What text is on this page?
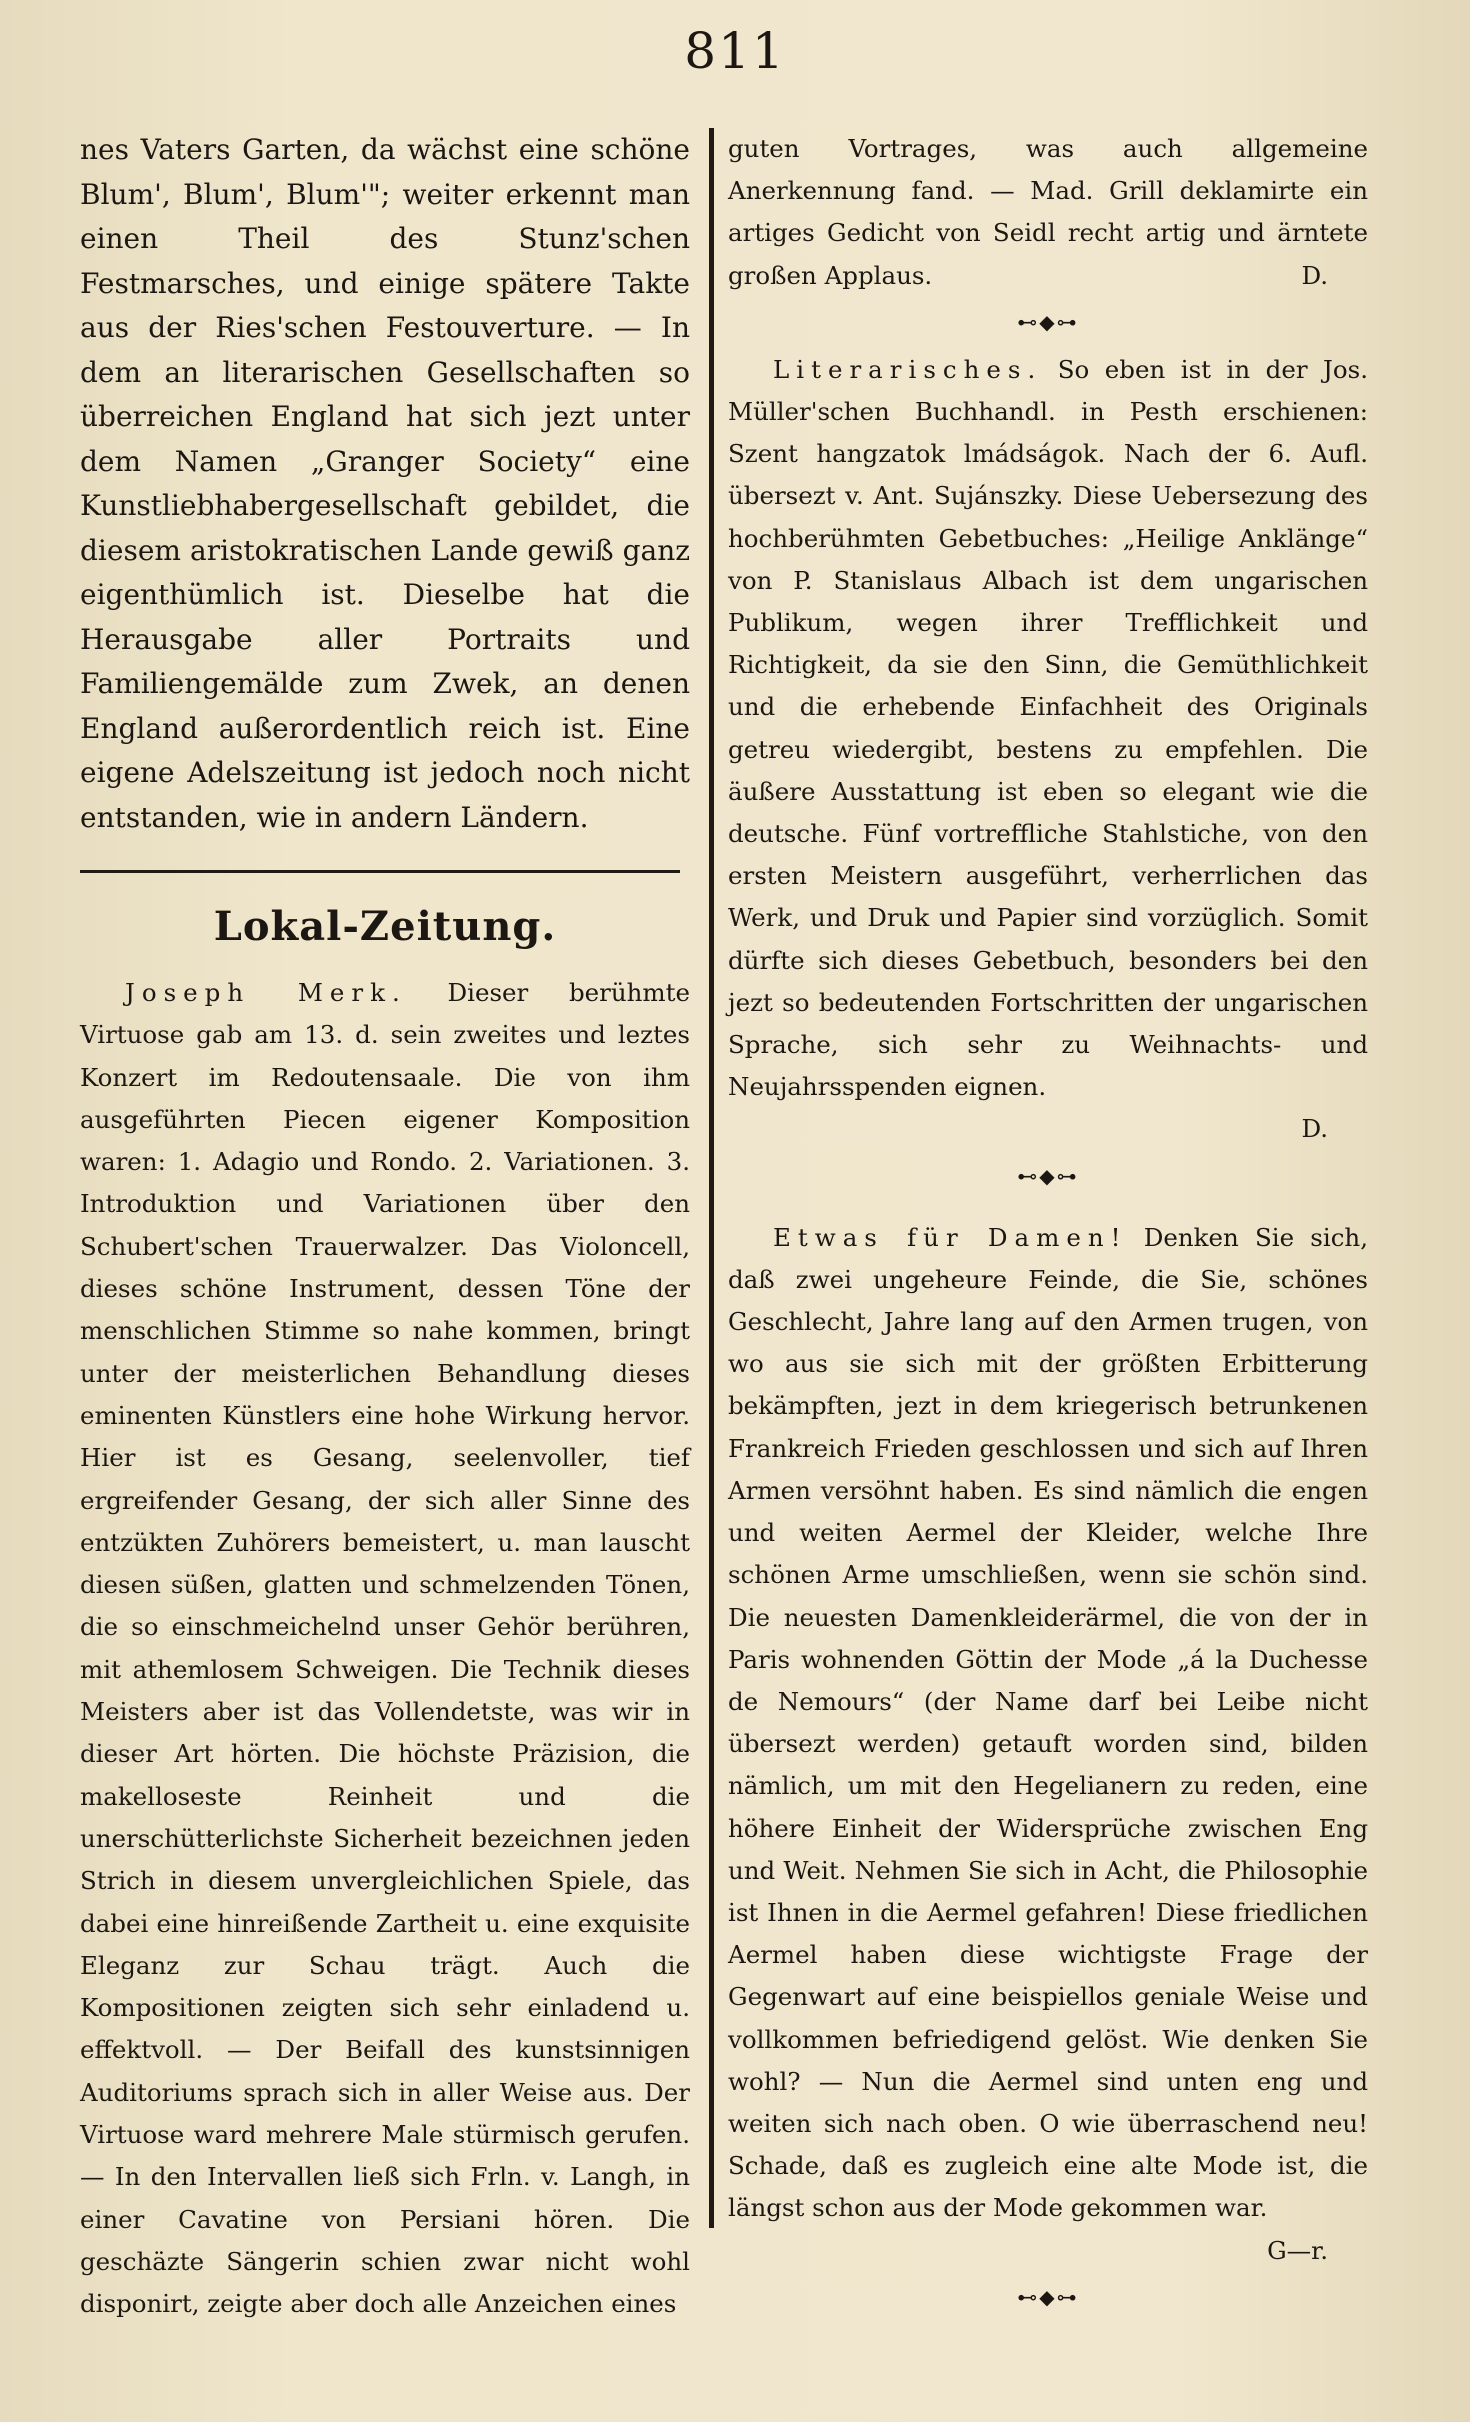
811

nes Vaters Garten, da wächst eine schöne Blum', Blum', Blum'"; weiter erkennt man einen Theil des Stunz'schen Festmarsches, und einige spätere Takte aus der Ries'schen Festouverture. — In dem an literarischen Gesellschaften so überreichen England hat sich jezt unter dem Namen „Granger Society“ eine Kunstliebhabergesellschaft gebildet, die diesem aristokratischen Lande gewiß ganz eigenthümlich ist. Dieselbe hat die Herausgabe aller Portraits und Familiengemälde zum Zwek, an denen England außerordentlich reich ist. Eine eigene Adelszeitung ist jedoch noch nicht entstanden, wie in andern Ländern.

Lokal-Zeitung.

Joseph Merk. Dieser berühmte Virtuose gab am 13. d. sein zweites und leztes Konzert im Redoutensaale. Die von ihm ausgeführten Piecen eigener Komposition waren: 1. Adagio und Rondo. 2. Variationen. 3. Introduktion und Variationen über den Schubert'schen Trauerwalzer. Das Violoncell, dieses schöne Instrument, dessen Töne der menschlichen Stimme so nahe kommen, bringt unter der meisterlichen Behandlung dieses eminenten Künstlers eine hohe Wirkung hervor. Hier ist es Gesang, seelenvoller, tief ergreifender Gesang, der sich aller Sinne des entzükten Zuhörers bemeistert, u. man lauscht diesen süßen, glatten und schmelzenden Tönen, die so einschmeichelnd unser Gehör berühren, mit athemlosem Schweigen. Die Technik dieses Meisters aber ist das Vollendetste, was wir in dieser Art hörten. Die höchste Präzision, die makelloseste Reinheit und die unerschütterlichste Sicherheit bezeichnen jeden Strich in diesem unvergleichlichen Spiele, das dabei eine hinreißende Zartheit u. eine exquisite Eleganz zur Schau trägt. Auch die Kompositionen zeigten sich sehr einladend u. effektvoll. — Der Beifall des kunstsinnigen Auditoriums sprach sich in aller Weise aus. Der Virtuose ward mehrere Male stürmisch gerufen. — In den Intervallen ließ sich Frln. v. Langh, in einer Cavatine von Persiani hören. Die geschäzte Sängerin schien zwar nicht wohl disponirt, zeigte aber doch alle Anzeichen eines

guten Vortrages, was auch allgemeine Anerkennung fand. — Mad. Grill deklamirte ein artiges Gedicht von Seidl recht artig und ärntete großen Applaus.	D.

⊷◆⊶

Literarisches. So eben ist in der Jos. Müller'schen Buchhandl. in Pesth erschienen: Szent hangzatok lmádságok. Nach der 6. Aufl. übersezt v. Ant. Sujánszky. Diese Uebersezung des hochberühmten Gebetbuches: „Heilige Anklänge“ von P. Stanislaus Albach ist dem ungarischen Publikum, wegen ihrer Trefflichkeit und Richtigkeit, da sie den Sinn, die Gemüthlichkeit und die erhebende Einfachheit des Originals getreu wiedergibt, bestens zu empfehlen. Die äußere Ausstattung ist eben so elegant wie die deutsche. Fünf vortreffliche Stahlstiche, von den ersten Meistern ausgeführt, verherrlichen das Werk, und Druk und Papier sind vorzüglich. Somit dürfte sich dieses Gebetbuch, besonders bei den jezt so bedeutenden Fortschritten der ungarischen Sprache, sich sehr zu Weihnachts- und Neujahrsspenden eignen.

D.

⊷◆⊶

Etwas für Damen! Denken Sie sich, daß zwei ungeheure Feinde, die Sie, schönes Geschlecht, Jahre lang auf den Armen trugen, von wo aus sie sich mit der größten Erbitterung bekämpften, jezt in dem kriegerisch betrunkenen Frankreich Frieden geschlossen und sich auf Ihren Armen versöhnt haben. Es sind nämlich die engen und weiten Aermel der Kleider, welche Ihre schönen Arme umschließen, wenn sie schön sind. Die neuesten Damenkleiderärmel, die von der in Paris wohnenden Göttin der Mode „á la Duchesse de Nemours“ (der Name darf bei Leibe nicht übersezt werden) getauft worden sind, bilden nämlich, um mit den Hegelianern zu reden, eine höhere Einheit der Widersprüche zwischen Eng und Weit. Nehmen Sie sich in Acht, die Philosophie ist Ihnen in die Aermel gefahren! Diese friedlichen Aermel haben diese wichtigste Frage der Gegenwart auf eine beispiellos geniale Weise und vollkommen befriedigend gelöst. Wie denken Sie wohl? — Nun die Aermel sind unten eng und weiten sich nach oben. O wie überraschend neu! Schade, daß es zugleich eine alte Mode ist, die längst schon aus der Mode gekommen war.

G—r.

⊷◆⊶
